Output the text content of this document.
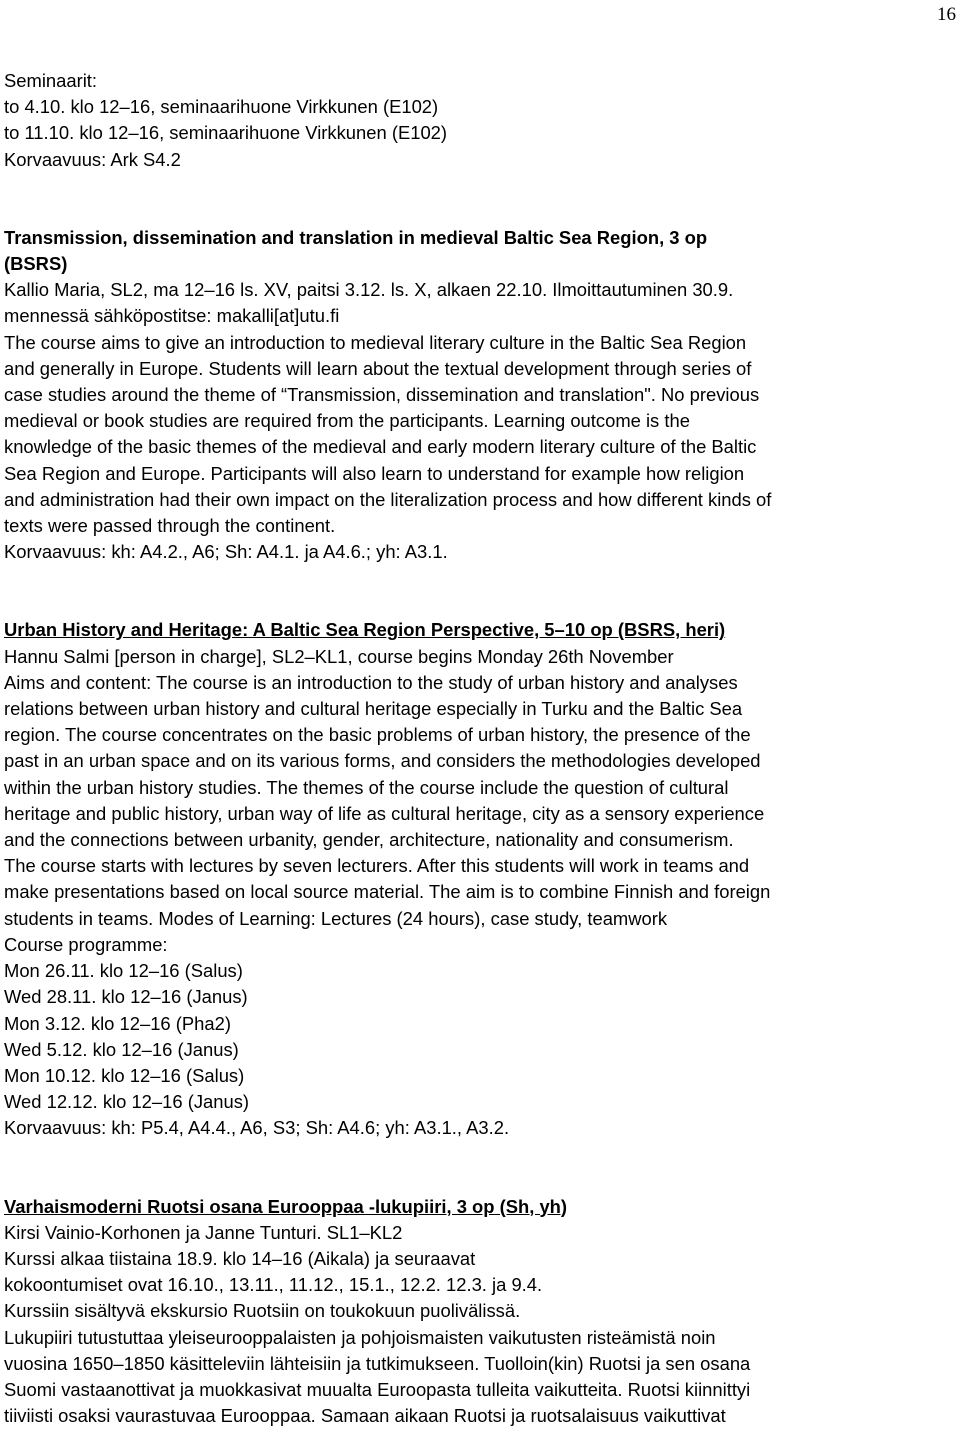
16
Seminaarit:
to 4.10. klo 12–16, seminaarihuone Virkkunen (E102)
to 11.10. klo 12–16, seminaarihuone Virkkunen (E102)
Korvaavuus: Ark S4.2
Transmission, dissemination and translation in medieval Baltic Sea Region, 3 op
(BSRS)
Kallio Maria, SL2, ma 12–16 ls. XV, paitsi 3.12. ls. X, alkaen 22.10. Ilmoittautuminen 30.9.
mennessä sähköpostitse: makalli[at]utu.fi
The course aims to give an introduction to medieval literary culture in the Baltic Sea Region
and generally in Europe. Students will learn about the textual development through series of
case studies around the theme of “Transmission, dissemination and translation". No previous
medieval or book studies are required from the participants. Learning outcome is the
knowledge of the basic themes of the medieval and early modern literary culture of the Baltic
Sea Region and Europe. Participants will also learn to understand for example how religion
and administration had their own impact on the literalization process and how different kinds of
texts were passed through the continent.
Korvaavuus: kh: A4.2., A6; Sh: A4.1. ja A4.6.; yh: A3.1.
Urban History and Heritage: A Baltic Sea Region Perspective, 5–10 op (BSRS, heri)
Hannu Salmi [person in charge], SL2–KL1, course begins Monday 26th November
Aims and content: The course is an introduction to the study of urban history and analyses
relations between urban history and cultural heritage especially in Turku and the Baltic Sea
region. The course concentrates on the basic problems of urban history, the presence of the
past in an urban space and on its various forms, and considers the methodologies developed
within the urban history studies. The themes of the course include the question of cultural
heritage and public history, urban way of life as cultural heritage, city as a sensory experience
and the connections between urbanity, gender, architecture, nationality and consumerism.
The course starts with lectures by seven lecturers. After this students will work in teams and
make presentations based on local source material. The aim is to combine Finnish and foreign
students in teams. Modes of Learning: Lectures (24 hours), case study, teamwork
Course programme:
Mon 26.11. klo 12–16 (Salus)
Wed 28.11. klo 12–16 (Janus)
Mon 3.12. klo 12–16 (Pha2)
Wed 5.12. klo 12–16 (Janus)
Mon 10.12. klo 12–16 (Salus)
Wed 12.12. klo 12–16 (Janus)
Korvaavuus: kh: P5.4, A4.4., A6, S3; Sh: A4.6; yh: A3.1., A3.2.
Varhaismoderni Ruotsi osana Eurooppaa -lukupiiri, 3 op (Sh, yh)
Kirsi Vainio-Korhonen ja Janne Tunturi. SL1–KL2
Kurssi alkaa tiistaina 18.9. klo 14–16 (Aikala) ja seuraavat
kokoontumiset ovat 16.10., 13.11., 11.12., 15.1., 12.2. 12.3. ja 9.4.
Kurssiin sisältyvä ekskursio Ruotsiin on toukokuun puolivälissä.
Lukupiiri tutustuttaa yleiseurooppalaisten ja pohjoismaisten vaikutusten risteämistä noin
vuosina 1650–1850 käsitteleviin lähteisiin ja tutkimukseen. Tuolloin(kin) Ruotsi ja sen osana
Suomi vastaanottivat ja muokkasivat muualta Euroopasta tulleita vaikutteita. Ruotsi kiinnittyi
tiiviisti osaksi vaurastuvaa Eurooppaa. Samaan aikaan Ruotsi ja ruotsalaisuus vaikuttivat
